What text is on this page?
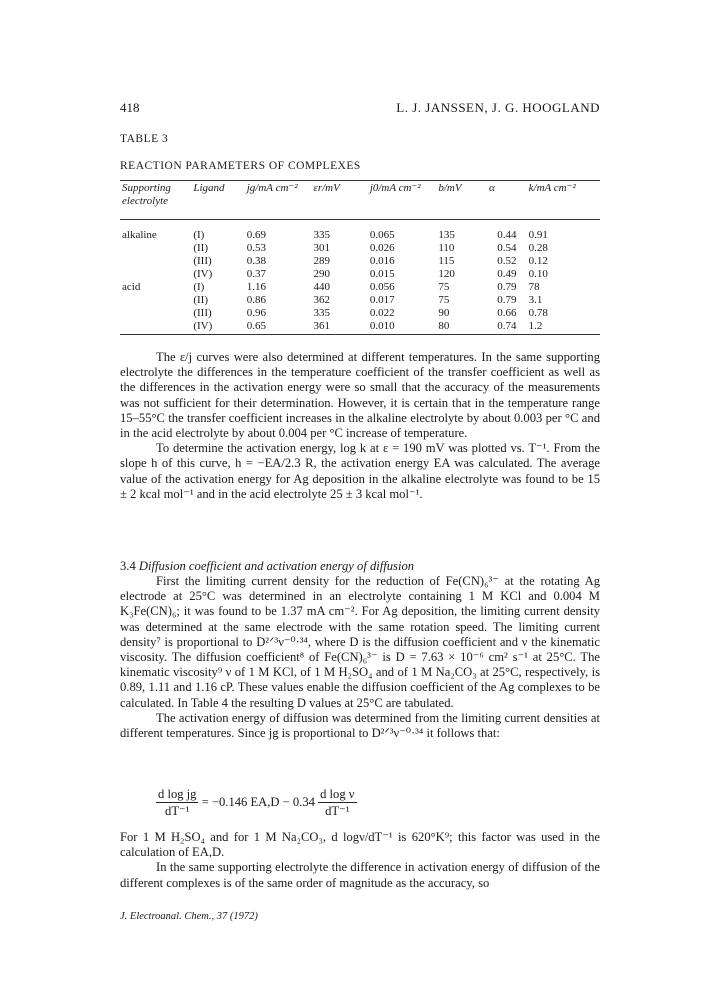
418	L. J. JANSSEN, J. G. HOOGLAND
TABLE 3
REACTION PARAMETERS OF COMPLEXES
Supporting electrolyte	Ligand	jg/mA cm⁻²	εr/mV	j0/mA cm⁻²	b/mV	α	k/mA cm⁻²
alkaline	(I)	0.69	335	0.065	135	0.44	0.91
	(II)	0.53	301	0.026	110	0.54	0.28
	(III)	0.38	289	0.016	115	0.52	0.12
	(IV)	0.37	290	0.015	120	0.49	0.10
acid	(I)	1.16	440	0.056	75	0.79	78
	(II)	0.86	362	0.017	75	0.79	3.1
	(III)	0.96	335	0.022	90	0.66	0.78
	(IV)	0.65	361	0.010	80	0.74	1.2

The ε/j curves were also determined at different temperatures. In the same supporting electrolyte the differences in the temperature coefficient of the transfer coefficient as well as the differences in the activation energy were so small that the accuracy of the measurements was not sufficient for their determination. However, it is certain that in the temperature range 15–55°C the transfer coefficient increases in the alkaline electrolyte by about 0.003 per °C and in the acid electrolyte by about 0.004 per °C increase of temperature.

To determine the activation energy, log k at ε = 190 mV was plotted vs. T⁻¹. From the slope h of this curve, h = −EA/2.3 R, the activation energy EA was calculated. The average value of the activation energy for Ag deposition in the alkaline electrolyte was found to be 15 ± 2 kcal mol⁻¹ and in the acid electrolyte 25 ± 3 kcal mol⁻¹.

3.4 Diffusion coefficient and activation energy of diffusion

First the limiting current density for the reduction of Fe(CN)₆³⁻ at the rotating Ag electrode at 25°C was determined in an electrolyte containing 1 M KCl and 0.004 M K₃Fe(CN)₆; it was found to be 1.37 mA cm⁻². For Ag deposition, the limiting current density was determined at the same electrode with the same rotation speed. The limiting current density⁷ is proportional to D²ᐟ³ν⁻⁰·³⁴, where D is the diffusion coefficient and ν the kinematic viscosity. The diffusion coefficient⁸ of Fe(CN)₆³⁻ is D = 7.63 × 10⁻⁶ cm² s⁻¹ at 25°C. The kinematic viscosity⁹ ν of 1 M KCl, of 1 M H₂SO₄ and of 1 M Na₂CO₃ at 25°C, respectively, is 0.89, 1.11 and 1.16 cP. These values enable the diffusion coefficient of the Ag complexes to be calculated. In Table 4 the resulting D values at 25°C are tabulated.

The activation energy of diffusion was determined from the limiting current densities at different temperatures. Since jg is proportional to D²ᐟ³ν⁻⁰·³⁴ it follows that:

$\frac{\text{d log jg}}{\text{dT⁻¹}} = -0.146$ $EA,D - 0.34 \frac{\text{d log ν}}{\text{dT⁻¹}}$

For 1 M H₂SO₄ and for 1 M Na₂CO₃, d logν/dT⁻¹ is 620°K⁹; this factor was used in the calculation of EA,D.

In the same supporting electrolyte the difference in activation energy of diffusion of the different complexes is of the same order of magnitude as the accuracy, so

J. Electroanal. Chem., 37 (1972)
